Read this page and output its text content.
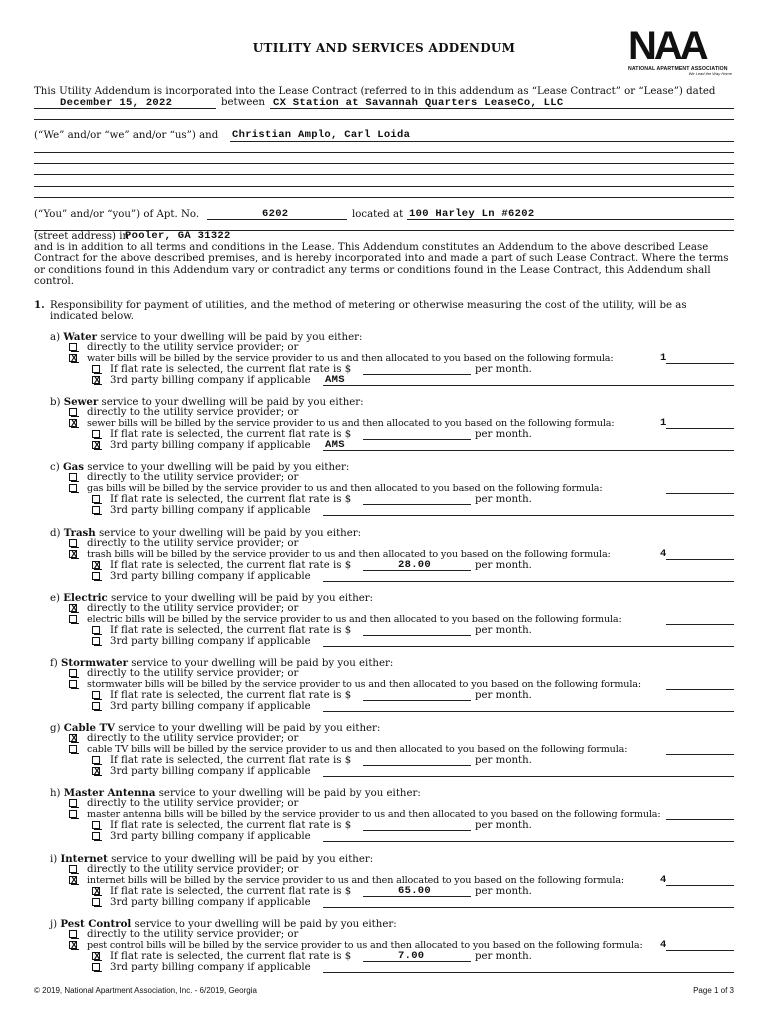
UTILITY AND SERVICES ADDENDUM	NAA
NATIONAL APARTMENT ASSOCIATION
We Lead the Way Home
This Utility Addendum is incorporated into the Lease Contract (referred to in this addendum as “Lease Contract” or “Lease”) dated
December 15, 2022	between CX Station at Savannah Quarters LeaseCo, LLC
(“We” and/or “we” and/or “us”) and Christian Amplo, Carl Loida
(“You” and/or “you”) of Apt. No.	6202	located at 100 Harley Ln #6202
(street address) in
Pooler, GA 31322
and is in addition to all terms and conditions in the Lease. This Addendum constitutes an Addendum to the above described Lease Contract for the above described premises, and is hereby incorporated into and made a part of such Lease Contract. Where the terms or conditions found in this Addendum vary or contradict any terms or conditions found in the Lease Contract, this Addendum shall control.
1. Responsibility for payment of utilities, and the method of metering or otherwise measuring the cost of the utility, will be as
indicated below.
a) Water service to your dwelling will be paid by you either:
directly to the utility service provider; or
X
water bills will be billed by the service provider to us and then allocated to you based on the following formula:	1
If flat rate is selected, the current flat rate is $	per month.
X
3rd party billing company if applicable AMS
b) Sewer service to your dwelling will be paid by you either:
directly to the utility service provider; or
X
sewer bills will be billed by the service provider to us and then allocated to you based on the following formula:	1
If flat rate is selected, the current flat rate is $	per month.
X
3rd party billing company if applicable AMS
c) Gas service to your dwelling will be paid by you either:
directly to the utility service provider; or
gas bills will be billed by the service provider to us and then allocated to you based on the following formula:
If flat rate is selected, the current flat rate is $	per month.
3rd party billing company if applicable
d) Trash service to your dwelling will be paid by you either:
directly to the utility service provider; or
X
trash bills will be billed by the service provider to us and then allocated to you based on the following formula:	4
X
If flat rate is selected, the current flat rate is $	28.00	per month.
3rd party billing company if applicable
e) Electric service to your dwelling will be paid by you either:
X
directly to the utility service provider; or
electric bills will be billed by the service provider to us and then allocated to you based on the following formula:
If flat rate is selected, the current flat rate is $	per month.
3rd party billing company if applicable
f) Stormwater service to your dwelling will be paid by you either:
directly to the utility service provider; or
stormwater bills will be billed by the service provider to us and then allocated to you based on the following formula:
If flat rate is selected, the current flat rate is $	per month.
3rd party billing company if applicable
g) Cable TV service to your dwelling will be paid by you either:
X
directly to the utility service provider; or
cable TV bills will be billed by the service provider to us and then allocated to you based on the following formula:
If flat rate is selected, the current flat rate is $	per month.
X
3rd party billing company if applicable
h) Master Antenna service to your dwelling will be paid by you either:
directly to the utility service provider; or
master antenna bills will be billed by the service provider to us and then allocated to you based on the following formula:
If flat rate is selected, the current flat rate is $	per month.
3rd party billing company if applicable
i) Internet service to your dwelling will be paid by you either:
directly to the utility service provider; or
X
internet bills will be billed by the service provider to us and then allocated to you based on the following formula:	4
X
If flat rate is selected, the current flat rate is $	65.00	per month.
3rd party billing company if applicable
j) Pest Control service to your dwelling will be paid by you either:
directly to the utility service provider; or
X
pest control bills will be billed by the service provider to us and then allocated to you based on the following formula: 4
X
If flat rate is selected, the current flat rate is $	7.00	per month.
3rd party billing company if applicable
© 2019, National Apartment Association, Inc. - 6/2019, Georgia	Page 1 of 3
